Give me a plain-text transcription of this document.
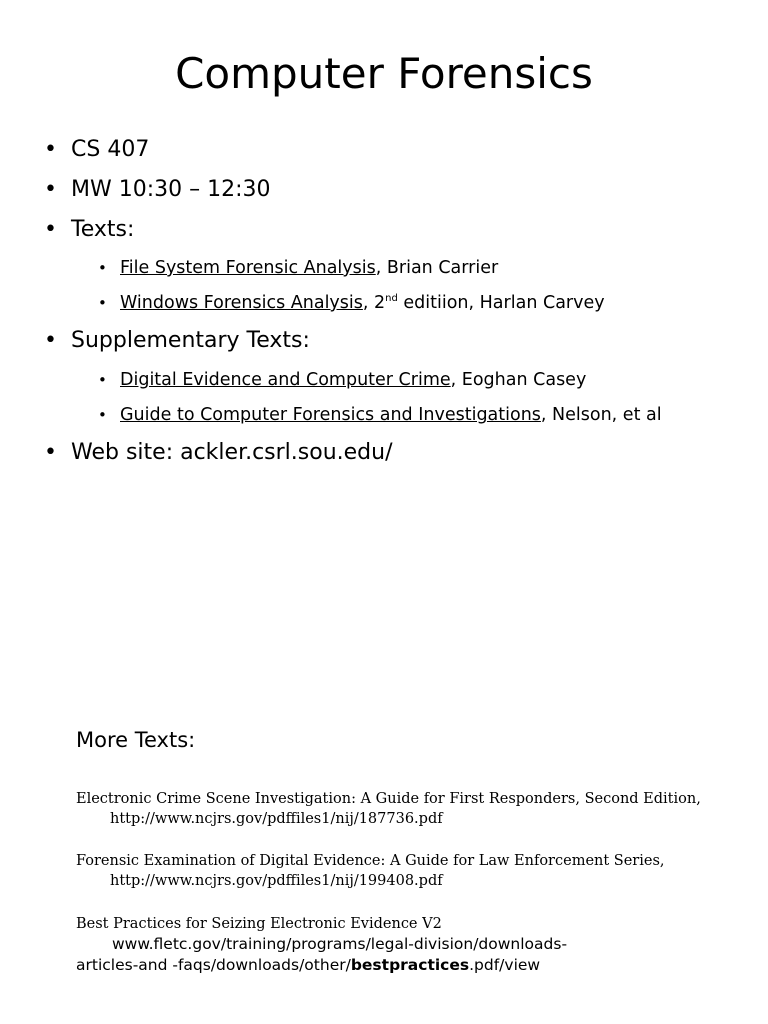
Computer Forensics
• CS 407
• MW 10:30 – 12:30
• Texts:
• File System Forensic Analysis, Brian Carrier
• Windows Forensics Analysis, 2nd editiion, Harlan Carvey
• Supplementary Texts:
• Digital Evidence and Computer Crime, Eoghan Casey
• Guide to Computer Forensics and Investigations, Nelson, et al
• Web site: ackler.csrl.sou.edu/
More Texts:
Electronic Crime Scene Investigation: A Guide for First Responders, Second Edition,
http://www.ncjrs.gov/pdffiles1/nij/187736.pdf
Forensic Examination of Digital Evidence: A Guide for Law Enforcement Series,
http://www.ncjrs.gov/pdffiles1/nij/199408.pdf
Best Practices for Seizing Electronic Evidence V2
www.fletc.gov/training/programs/legal-division/downloads-
articles-and -faqs/downloads/other/bestpractices.pdf/view
